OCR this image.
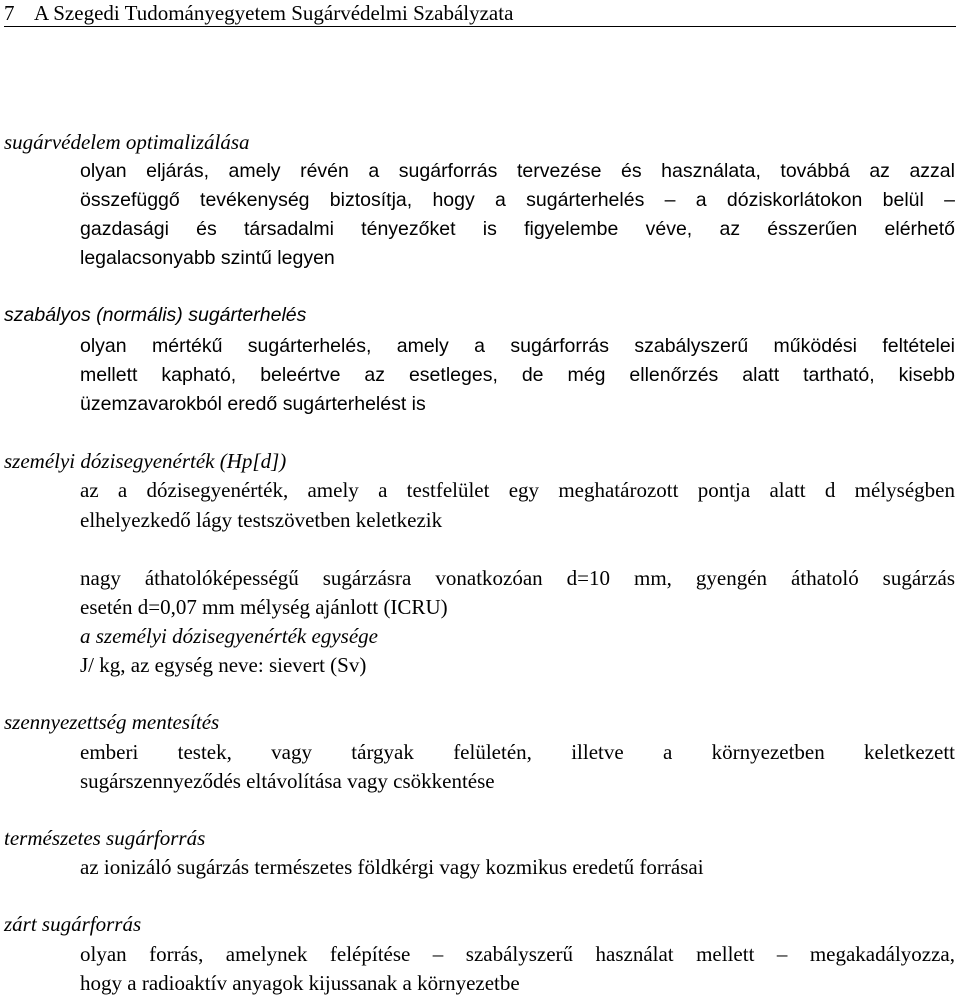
7 A Szegedi Tudományegyetem Sugárvédelmi Szabályzata
sugárvédelem optimalizálása
olyan eljárás, amely révén a sugárforrás tervezése és használata, továbbá az azzal
összefüggő tevékenység biztosítja, hogy a sugárterhelés – a dóziskorlátokon belül –
gazdasági és társadalmi tényezőket is figyelembe véve, az ésszerűen elérhető
legalacsonyabb szintű legyen
szabályos (normális) sugárterhelés
olyan mértékű sugárterhelés, amely a sugárforrás szabályszerű működési feltételei
mellett kapható, beleértve az esetleges, de még ellenőrzés alatt tartható, kisebb
üzemzavarokból eredő sugárterhelést is
személyi dózisegyenérték (Hp[d])
az a dózisegyenérték, amely a testfelület egy meghatározott pontja alatt d mélységben
elhelyezkedő lágy testszövetben keletkezik
nagy áthatolóképességű sugárzásra vonatkozóan d=10 mm, gyengén áthatoló sugárzás
esetén d=0,07 mm mélység ajánlott (ICRU)
a személyi dózisegyenérték egysége
J/ kg, az egység neve: sievert (Sv)
szennyezettség mentesítés
emberi testek, vagy tárgyak felületén, illetve a környezetben keletkezett
sugárszennyeződés eltávolítása vagy csökkentése
természetes sugárforrás
az ionizáló sugárzás természetes földkérgi vagy kozmikus eredetű forrásai
zárt sugárforrás
olyan forrás, amelynek felépítése – szabályszerű használat mellett – megakadályozza,
hogy a radioaktív anyagok kijussanak a környezetbe
